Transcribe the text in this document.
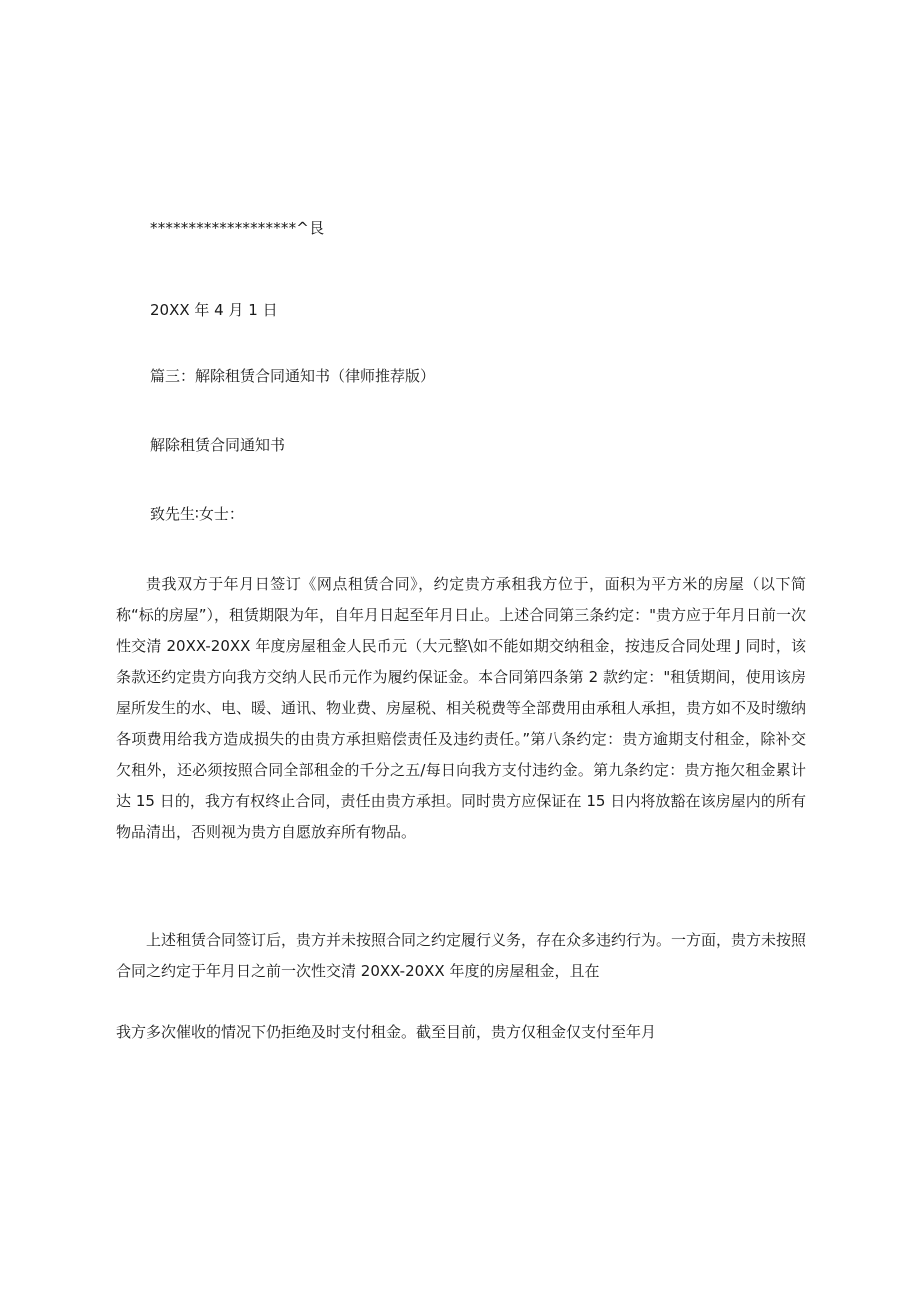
*******************^艮
20XX 年 4 月 1 日
篇三：解除租赁合同通知书（律师推荐版）
解除租赁合同通知书
致先生∶女士：

贵我双方于年月日签订《网点租赁合同》，约定贵方承租我方位于，面积为平方米的房屋（以下简称“标的房屋”），租赁期限为年，自年月日起至年月日止。上述合同第三条约定："贵方应于年月日前一次性交清 20XX-20XX 年度房屋租金人民币元（大元整\如不能如期交纳租金，按违反合同处理 J 同时，该条款还约定贵方向我方交纳人民币元作为履约保证金。本合同第四条第 2 款约定："租赁期间，使用该房屋所发生的水、电、暖、通讯、物业费、房屋税、相关税费等全部费用由承租人承担，贵方如不及时缴纳各项费用给我方造成损失的由贵方承担赔偿责任及违约责任。”第八条约定：贵方逾期支付租金，除补交欠租外，还必须按照合同全部租金的千分之五/每日向我方支付违约金。第九条约定：贵方拖欠租金累计达 15 日的，我方有权终止合同，责任由贵方承担。同时贵方应保证在 15 日内将放豁在该房屋内的所有物品清出，否则视为贵方自愿放弃所有物品。

上述租赁合同签订后，贵方并未按照合同之约定履行义务，存在众多违约行为。一方面，贵方未按照合同之约定于年月日之前一次性交清 20XX-20XX 年度的房屋租金，且在

我方多次催收的情况下仍拒绝及时支付租金。截至目前，贵方仅租金仅支付至年月
